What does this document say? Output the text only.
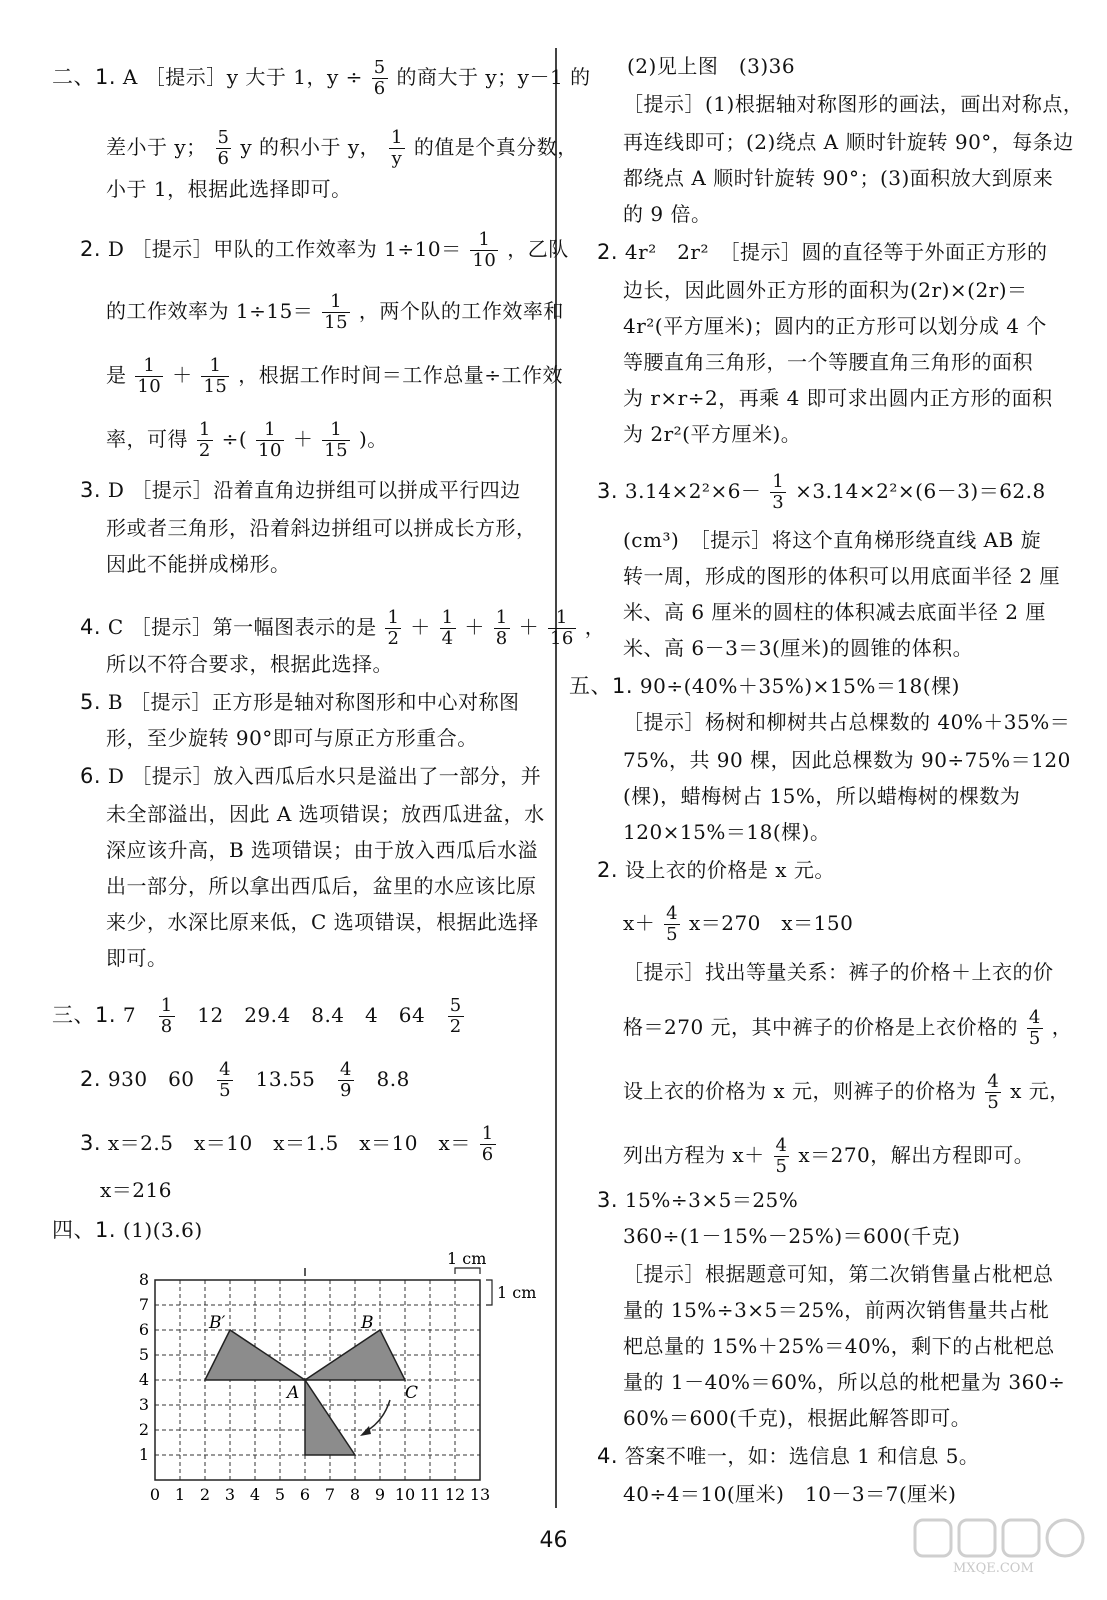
二、1. A ［提示］y 大于 1，$y \div \frac{5}{6}$ 的商大于 y；y－1 的
差小于 y； $\frac{5}{6}$ y 的积小于 y， $\frac{1}{y}$ 的值是个真分数，
小于 1，根据此选择即可。
2. D ［提示］甲队的工作效率为 $1\div 10= \frac{1}{10}$ ，乙队
的工作效率为 $1\div 15= \frac{1}{15}$ ，两个队的工作效率和
是 $\frac{1}{10} + \frac{1}{15}$ ，根据工作时间＝工作总量÷工作效
率，可得 $\frac{1}{2}$ ÷( $\frac{1}{10} + \frac{1}{15}$ )。
3. D ［提示］沿着直角边拼组可以拼成平行四边
形或者三角形，沿着斜边拼组可以拼成长方形，
因此不能拼成梯形。
4. C ［提示］第一幅图表示的是 $\frac{1}{2} + \frac{1}{4} + \frac{1}{8} + \frac{1}{16}$ ，
所以不符合要求，根据此选择。
5. B ［提示］正方形是轴对称图形和中心对称图
形，至少旋转 90°即可与原正方形重合。
6. D ［提示］放入西瓜后水只是溢出了一部分，并
未全部溢出，因此 A 选项错误；放西瓜进盆，水
深应该升高，B 选项错误；由于放入西瓜后水溢
出一部分，所以拿出西瓜后，盆里的水应该比原
来少，水深比原来低，C 选项错误，根据此选择
即可。
三、1. $7 \frac{1}{8} 12$　29.4　8.4　4　$64 \frac{5}{2}$
2. 930　$60 \frac{4}{5} 13.55 \frac{4}{9} 8.8$
3. x＝2.5　x＝10　x＝1.5　x＝10　$x= \frac{1}{6}$
x＝216
四、1. (1)(3.6)
B′	B
A	C
1
2
3
4
5
6
7
8
0 1 2 3 4 5 6 7 8 9 10 11 12 13
1 cm
1 cm
(2)见上图　(3)36
［提示］(1)根据轴对称图形的画法，画出对称点，
再连线即可；(2)绕点 A 顺时针旋转 90°，每条边
都绕点 A 顺时针旋转 90°；(3)面积放大到原来
的 9 倍。
2. 4r²　2r²　［提示］圆的直径等于外面正方形的
边长，因此圆外正方形的面积为(2r)×(2r)＝
4r²(平方厘米)；圆内的正方形可以划分成 4 个
等腰直角三角形，一个等腰直角三角形的面积
为 r×r÷2，再乘 4 即可求出圆内正方形的面积
为 2r²(平方厘米)。
3. $3.14\times 2^2\times 6- \frac{1}{3} \times 3.14\times 2^2\times(6-3)=62.8$
(cm³)　［提示］将这个直角梯形绕直线 AB 旋
转一周，形成的图形的体积可以用底面半径 2 厘
米、高 6 厘米的圆柱的体积减去底面半径 2 厘
米、高 6－3＝3(厘米)的圆锥的体积。
五、1. 90÷(40%＋35%)×15%＝18(棵)
［提示］杨树和柳树共占总棵数的 40%＋35%＝
75%，共 90 棵，因此总棵数为 90÷75%＝120
(棵)，蜡梅树占 15%，所以蜡梅树的棵数为
120×15%＝18(棵)。
2. 设上衣的价格是 x 元。
$x+ \frac{4}{5} x=270$　x＝150
［提示］找出等量关系：裤子的价格＋上衣的价
格＝270 元，其中裤子的价格是上衣价格的 $\frac{4}{5}$ ，
设上衣的价格为 x 元，则裤子的价格为 $\frac{4}{5}$ x 元，
列出方程为 $x+ \frac{4}{5} x=270$，解出方程即可。
3. 15%÷3×5＝25%
360÷(1－15%－25%)＝600(千克)
［提示］根据题意可知，第二次销售量占枇杷总
量的 15%÷3×5＝25%，前两次销售量共占枇
杷总量的 15%＋25%＝40%，剩下的占枇杷总
量的 1－40%＝60%，所以总的枇杷量为 360÷
60%＝600(千克)，根据此解答即可。
4. 答案不唯一，如：选信息 1 和信息 5。
40÷4＝10(厘米)　10－3＝7(厘米)
46
MXQE.COM
